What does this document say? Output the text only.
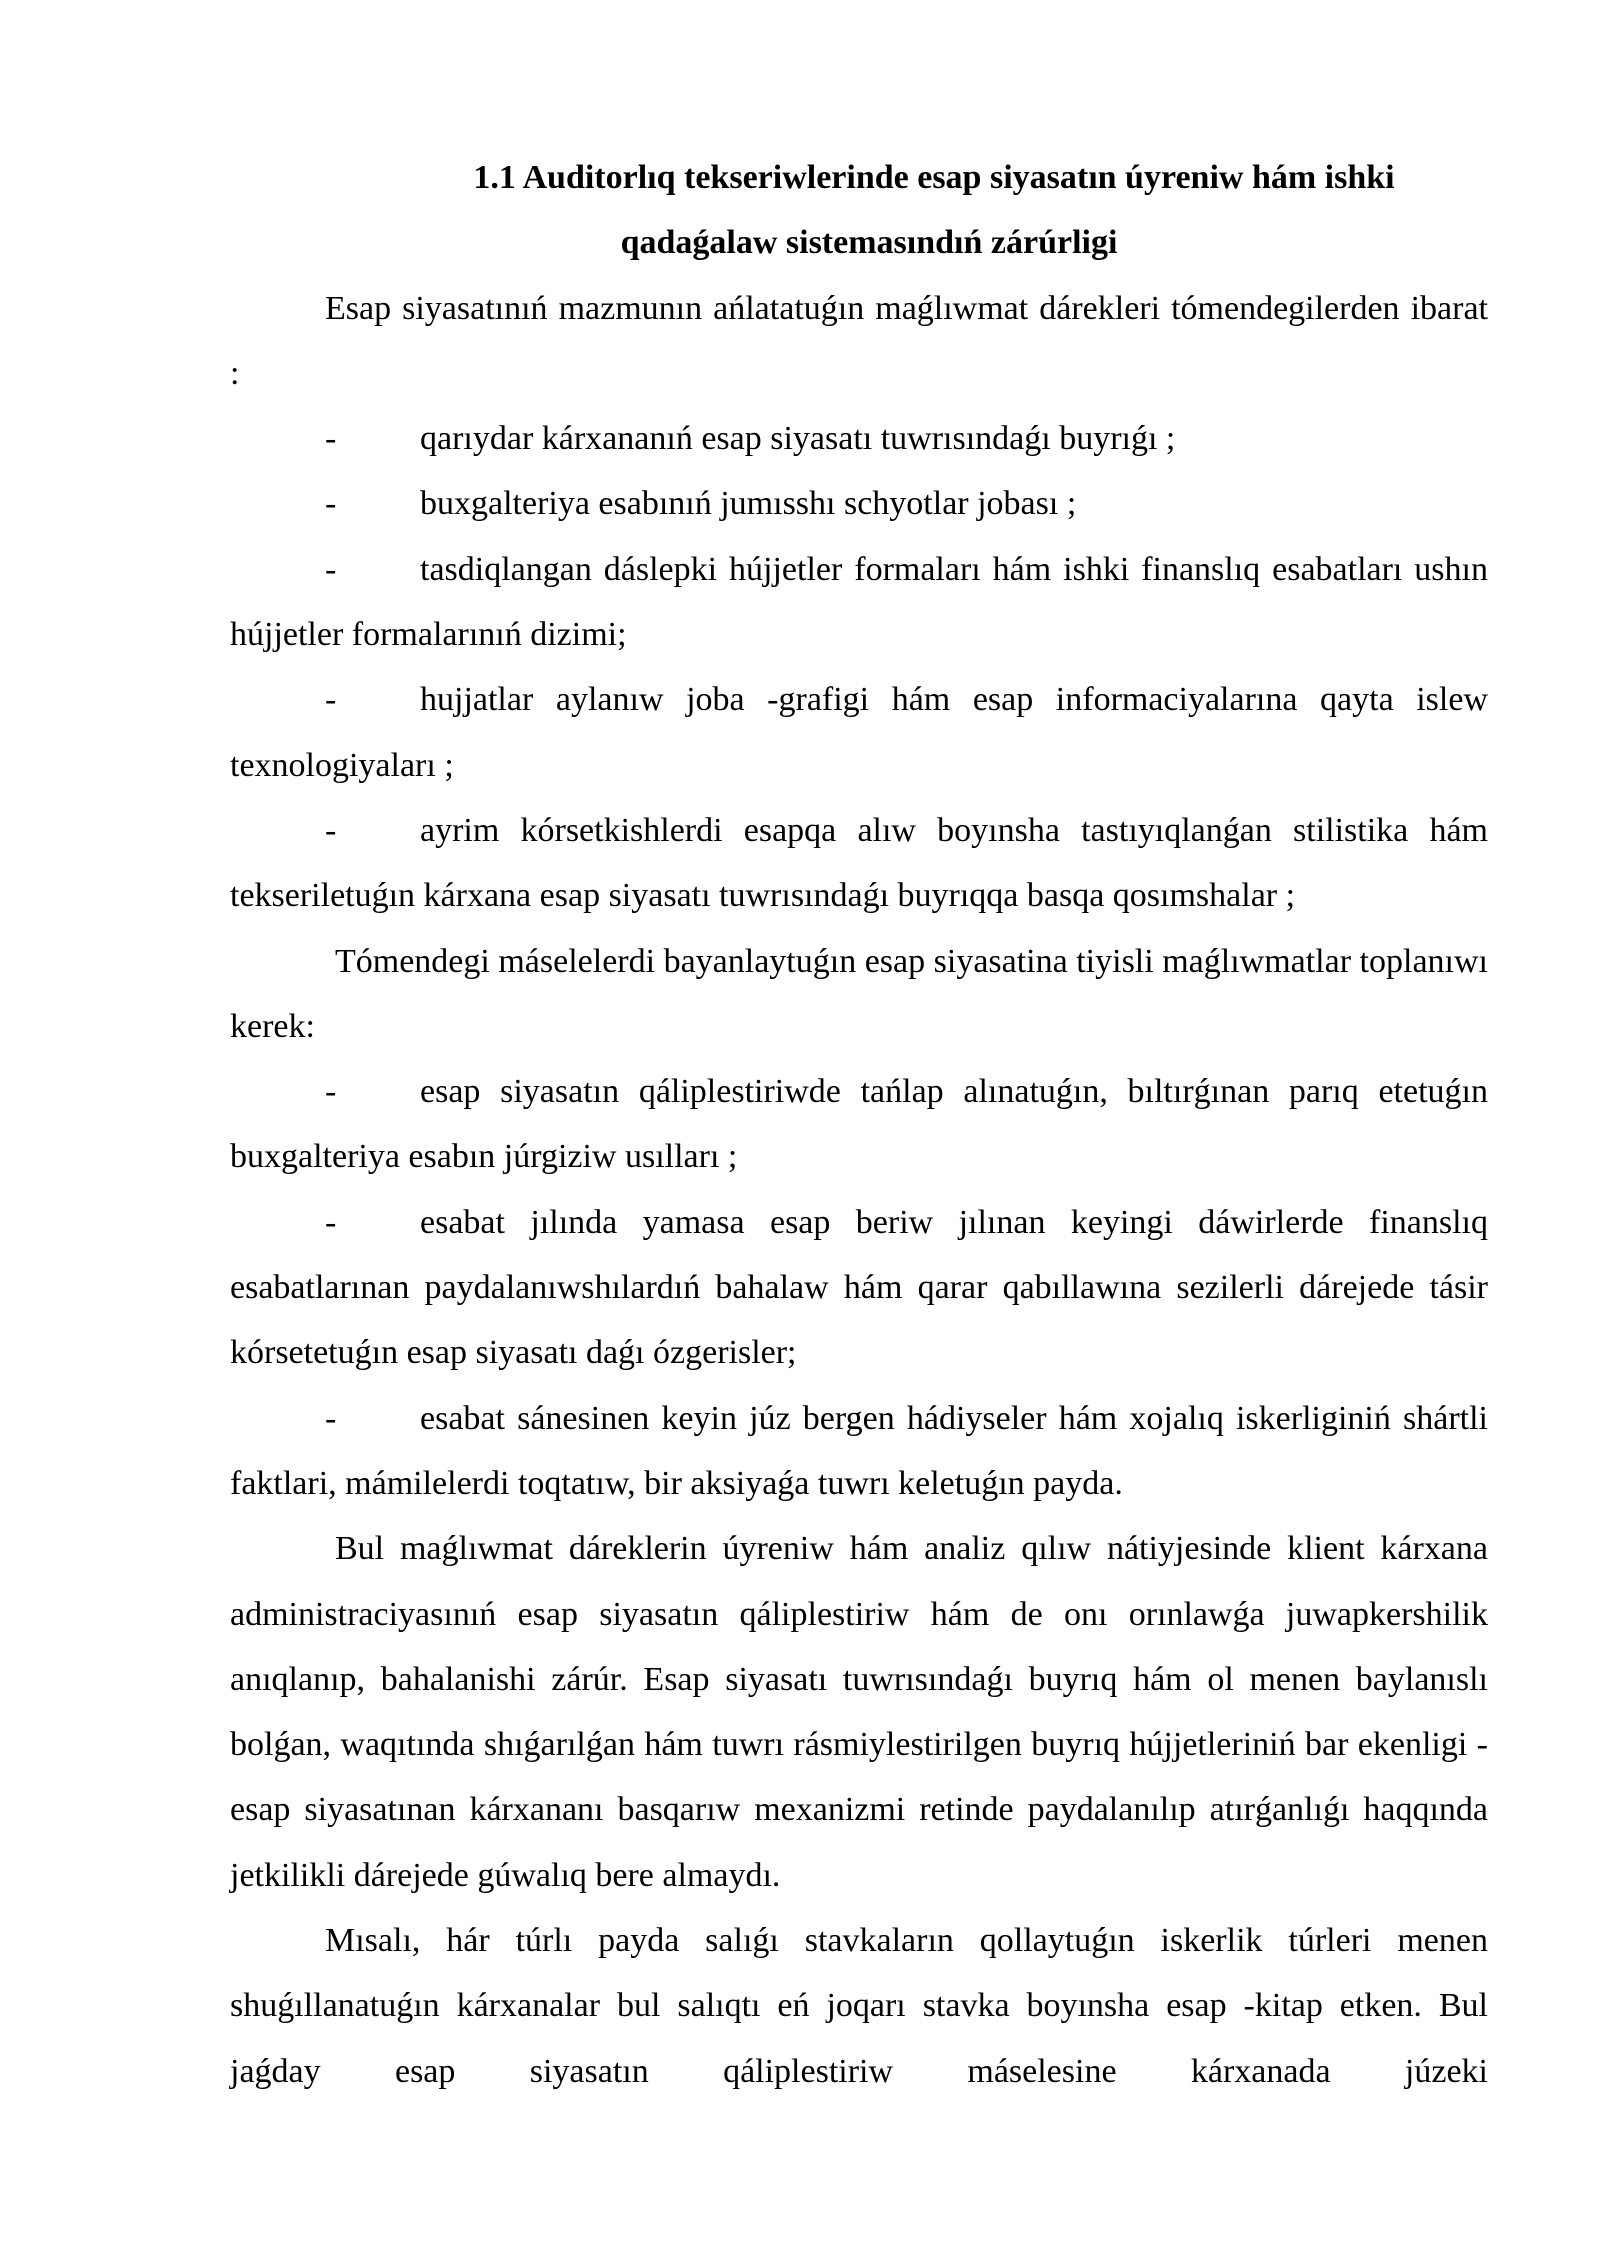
1.1 Auditorlıq tekseriwlerinde esap siyasatın úyreniw hám ishki
qadaǵalaw sistemasındıń zárúrligi

Esap siyasatınıń mazmunın ańlatatuǵın maǵlıwmat dárekleri tómendegilerden ibarat :

- qarıydar kárxananıń esap siyasatı tuwrısındaǵı buyrıǵı ;

- buxgalteriya esabınıń jumısshı schyotlar jobası ;

- tasdiqlangan dáslepki hújjetler formaları hám ishki finanslıq esabatları ushın hújjetler formalarınıń dizimi;

- hujjatlar aylanıw joba -grafigi hám esap informaciyalarına qayta islew texnologiyaları ;

- ayrim kórsetkishlerdi esapqa alıw boyınsha tastıyıqlanǵan stilistika hám tekseriletuǵın kárxana esap siyasatı tuwrısındaǵı buyrıqqa basqa qosımshalar ;

Tómendegi máselelerdi bayanlaytuǵın esap siyasatina tiyisli maǵlıwmatlar toplanıwı kerek:

- esap siyasatın qáliplestiriwde tańlap alınatuǵın, bıltırǵınan parıq etetuǵın buxgalteriya esabın júrgiziw usılları ;

- esabat jılında yamasa esap beriw jılınan keyingi dáwirlerde finanslıq esabatlarınan paydalanıwshılardıń bahalaw hám qarar qabıllawına sezilerli dárejede tásir kórsetetuǵın esap siyasatı daǵı ózgerisler;

- esabat sánesinen keyin júz bergen hádiyseler hám xojalıq iskerliginiń shártli faktlari, mámilelerdi toqtatıw, bir aksiyaǵa tuwrı keletuǵın payda.

Bul maǵlıwmat dáreklerin úyreniw hám analiz qılıw nátiyjesinde klient kárxana administraciyasınıń esap siyasatın qáliplestiriw hám de onı orınlawǵa juwapkershilik anıqlanıp, bahalanishi zárúr. Esap siyasatı tuwrısındaǵı buyrıq hám ol menen baylanıslı bolǵan, waqıtında shıǵarılǵan hám tuwrı rásmiylestirilgen buyrıq hújjetleriniń bar ekenligi - esap siyasatınan kárxananı basqarıw mexanizmi retinde paydalanılıp atırǵanlıǵı haqqında jetkilikli dárejede gúwalıq bere almaydı.

Mısalı, hár túrlı payda salıǵı stavkaların qollaytuǵın iskerlik túrleri menen shuǵıllanatuǵın kárxanalar bul salıqtı eń joqarı stavka boyınsha esap -kitap etken. Bul jaǵday esap siyasatın qáliplestiriw máselesine kárxanada júzeki
